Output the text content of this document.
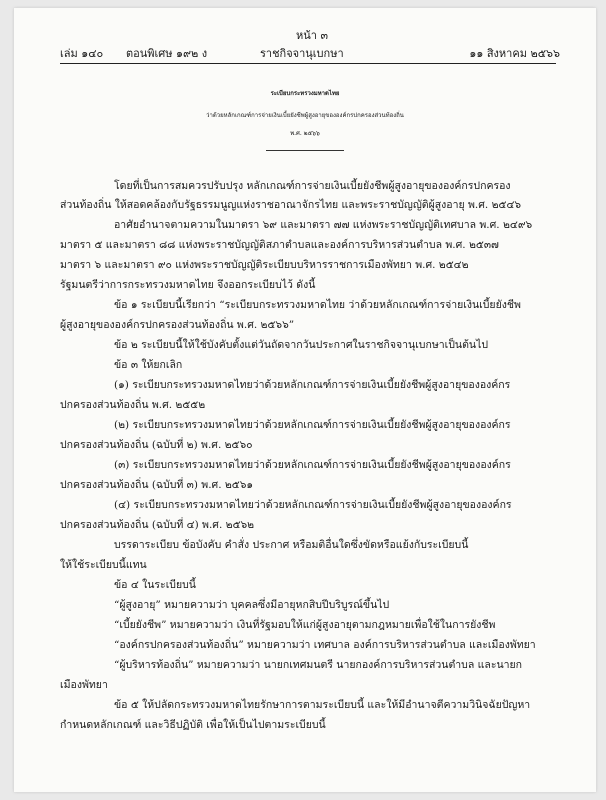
หน้า ๓
เล่ม ๑๔๐ ตอนพิเศษ ๑๙๒ ง	ราชกิจจานุเบกษา	๑๑ สิงหาคม ๒๕๖๖
ระเบียบกระทรวงมหาดไทย
ว่าด้วยหลักเกณฑ์การจ่ายเงินเบี้ยยังชีพผู้สูงอายุขององค์กรปกครองส่วนท้องถิ่น
พ.ศ. ๒๕๖๖
โดยที่เป็นการสมควรปรับปรุง หลักเกณฑ์การจ่ายเงินเบี้ยยังชีพผู้สูงอายุขององค์กรปกครอง
ส่วนท้องถิ่น ให้สอดคล้องกับรัฐธรรมนูญแห่งราชอาณาจักรไทย และพระราชบัญญัติผู้สูงอายุ พ.ศ. ๒๕๔๖
อาศัยอำนาจตามความในมาตรา ๖๙ และมาตรา ๗๗ แห่งพระราชบัญญัติเทศบาล พ.ศ. ๒๔๙๖
มาตรา ๕ และมาตรา ๘๘ แห่งพระราชบัญญัติสภาตำบลและองค์การบริหารส่วนตำบล พ.ศ. ๒๕๓๗
มาตรา ๖ และมาตรา ๙๐ แห่งพระราชบัญญัติระเบียบบริหารราชการเมืองพัทยา พ.ศ. ๒๕๔๒
รัฐมนตรีว่าการกระทรวงมหาดไทย จึงออกระเบียบไว้ ดังนี้
ข้อ ๑ ระเบียบนี้เรียกว่า “ระเบียบกระทรวงมหาดไทย ว่าด้วยหลักเกณฑ์การจ่ายเงินเบี้ยยังชีพ
ผู้สูงอายุขององค์กรปกครองส่วนท้องถิ่น พ.ศ. ๒๕๖๖”
ข้อ ๒ ระเบียบนี้ให้ใช้บังคับตั้งแต่วันถัดจากวันประกาศในราชกิจจานุเบกษาเป็นต้นไป
ข้อ ๓ ให้ยกเลิก
(๑) ระเบียบกระทรวงมหาดไทยว่าด้วยหลักเกณฑ์การจ่ายเงินเบี้ยยังชีพผู้สูงอายุขององค์กร
ปกครองส่วนท้องถิ่น พ.ศ. ๒๕๕๒
(๒) ระเบียบกระทรวงมหาดไทยว่าด้วยหลักเกณฑ์การจ่ายเงินเบี้ยยังชีพผู้สูงอายุขององค์กร
ปกครองส่วนท้องถิ่น (ฉบับที่ ๒) พ.ศ. ๒๕๖๐
(๓) ระเบียบกระทรวงมหาดไทยว่าด้วยหลักเกณฑ์การจ่ายเงินเบี้ยยังชีพผู้สูงอายุขององค์กร
ปกครองส่วนท้องถิ่น (ฉบับที่ ๓) พ.ศ. ๒๕๖๑
(๔) ระเบียบกระทรวงมหาดไทยว่าด้วยหลักเกณฑ์การจ่ายเงินเบี้ยยังชีพผู้สูงอายุขององค์กร
ปกครองส่วนท้องถิ่น (ฉบับที่ ๔) พ.ศ. ๒๕๖๒
บรรดาระเบียบ ข้อบังคับ คำสั่ง ประกาศ หรือมติอื่นใดซึ่งขัดหรือแย้งกับระเบียบนี้
ให้ใช้ระเบียบนี้แทน
ข้อ ๔ ในระเบียบนี้
“ผู้สูงอายุ” หมายความว่า บุคคลซึ่งมีอายุหกสิบปีบริบูรณ์ขึ้นไป
“เบี้ยยังชีพ” หมายความว่า เงินที่รัฐมอบให้แก่ผู้สูงอายุตามกฎหมายเพื่อใช้ในการยังชีพ
“องค์กรปกครองส่วนท้องถิ่น” หมายความว่า เทศบาล องค์การบริหารส่วนตำบล และเมืองพัทยา
“ผู้บริหารท้องถิ่น” หมายความว่า นายกเทศมนตรี นายกองค์การบริหารส่วนตำบล และนายก
เมืองพัทยา
ข้อ ๕ ให้ปลัดกระทรวงมหาดไทยรักษาการตามระเบียบนี้ และให้มีอำนาจตีความวินิจฉัยปัญหา
กำหนดหลักเกณฑ์ และวิธีปฏิบัติ เพื่อให้เป็นไปตามระเบียบนี้
